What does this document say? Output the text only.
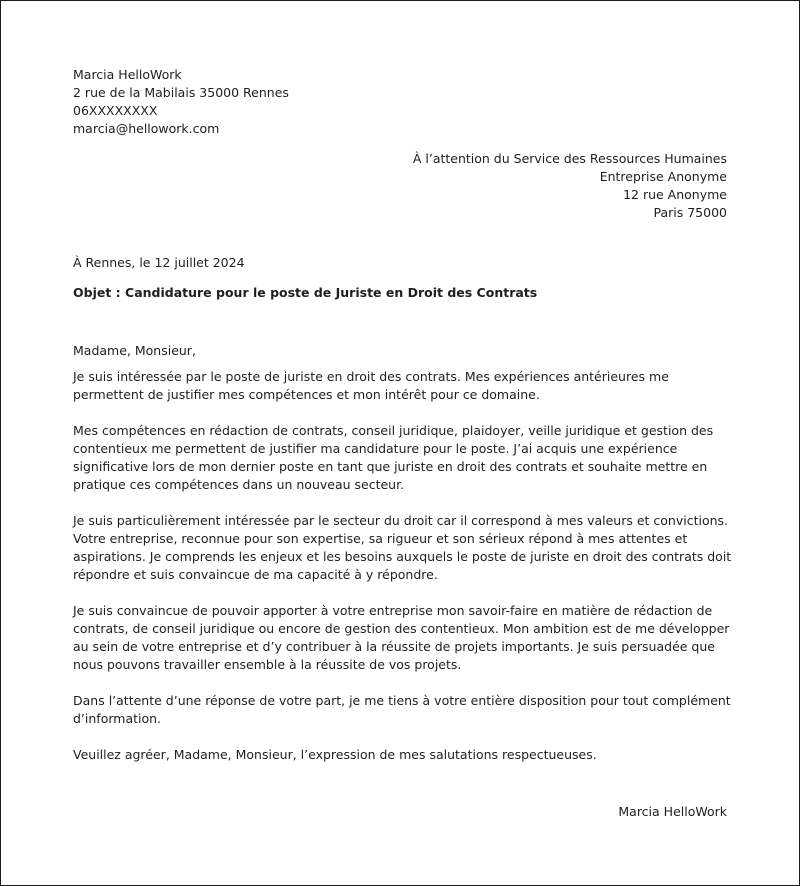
Marcia HelloWork
2 rue de la Mabilais 35000 Rennes
06XXXXXXXX
marcia@hellowork.com
À l’attention du Service des Ressources Humaines
Entreprise Anonyme
12 rue Anonyme
Paris 75000
À Rennes, le 12 juillet 2024
Objet : Candidature pour le poste de Juriste en Droit des Contrats

Madame, Monsieur,

Je suis intéressée par le poste de juriste en droit des contrats. Mes expériences antérieures me permettent de justifier mes compétences et mon intérêt pour ce domaine.

Mes compétences en rédaction de contrats, conseil juridique, plaidoyer, veille juridique et gestion des contentieux me permettent de justifier ma candidature pour le poste. J’ai acquis une expérience significative lors de mon dernier poste en tant que juriste en droit des contrats et souhaite mettre en pratique ces compétences dans un nouveau secteur.

Je suis particulièrement intéressée par le secteur du droit car il correspond à mes valeurs et convictions. Votre entreprise, reconnue pour son expertise, sa rigueur et son sérieux répond à mes attentes et aspirations. Je comprends les enjeux et les besoins auxquels le poste de juriste en droit des contrats doit répondre et suis convaincue de ma capacité à y répondre.

Je suis convaincue de pouvoir apporter à votre entreprise mon savoir-faire en matière de rédaction de contrats, de conseil juridique ou encore de gestion des contentieux. Mon ambition est de me développer au sein de votre entreprise et d’y contribuer à la réussite de projets importants. Je suis persuadée que nous pouvons travailler ensemble à la réussite de vos projets.

Dans l’attente d’une réponse de votre part, je me tiens à votre entière disposition pour tout complément d’information.

Veuillez agréer, Madame, Monsieur, l’expression de mes salutations respectueuses.

Marcia HelloWork
